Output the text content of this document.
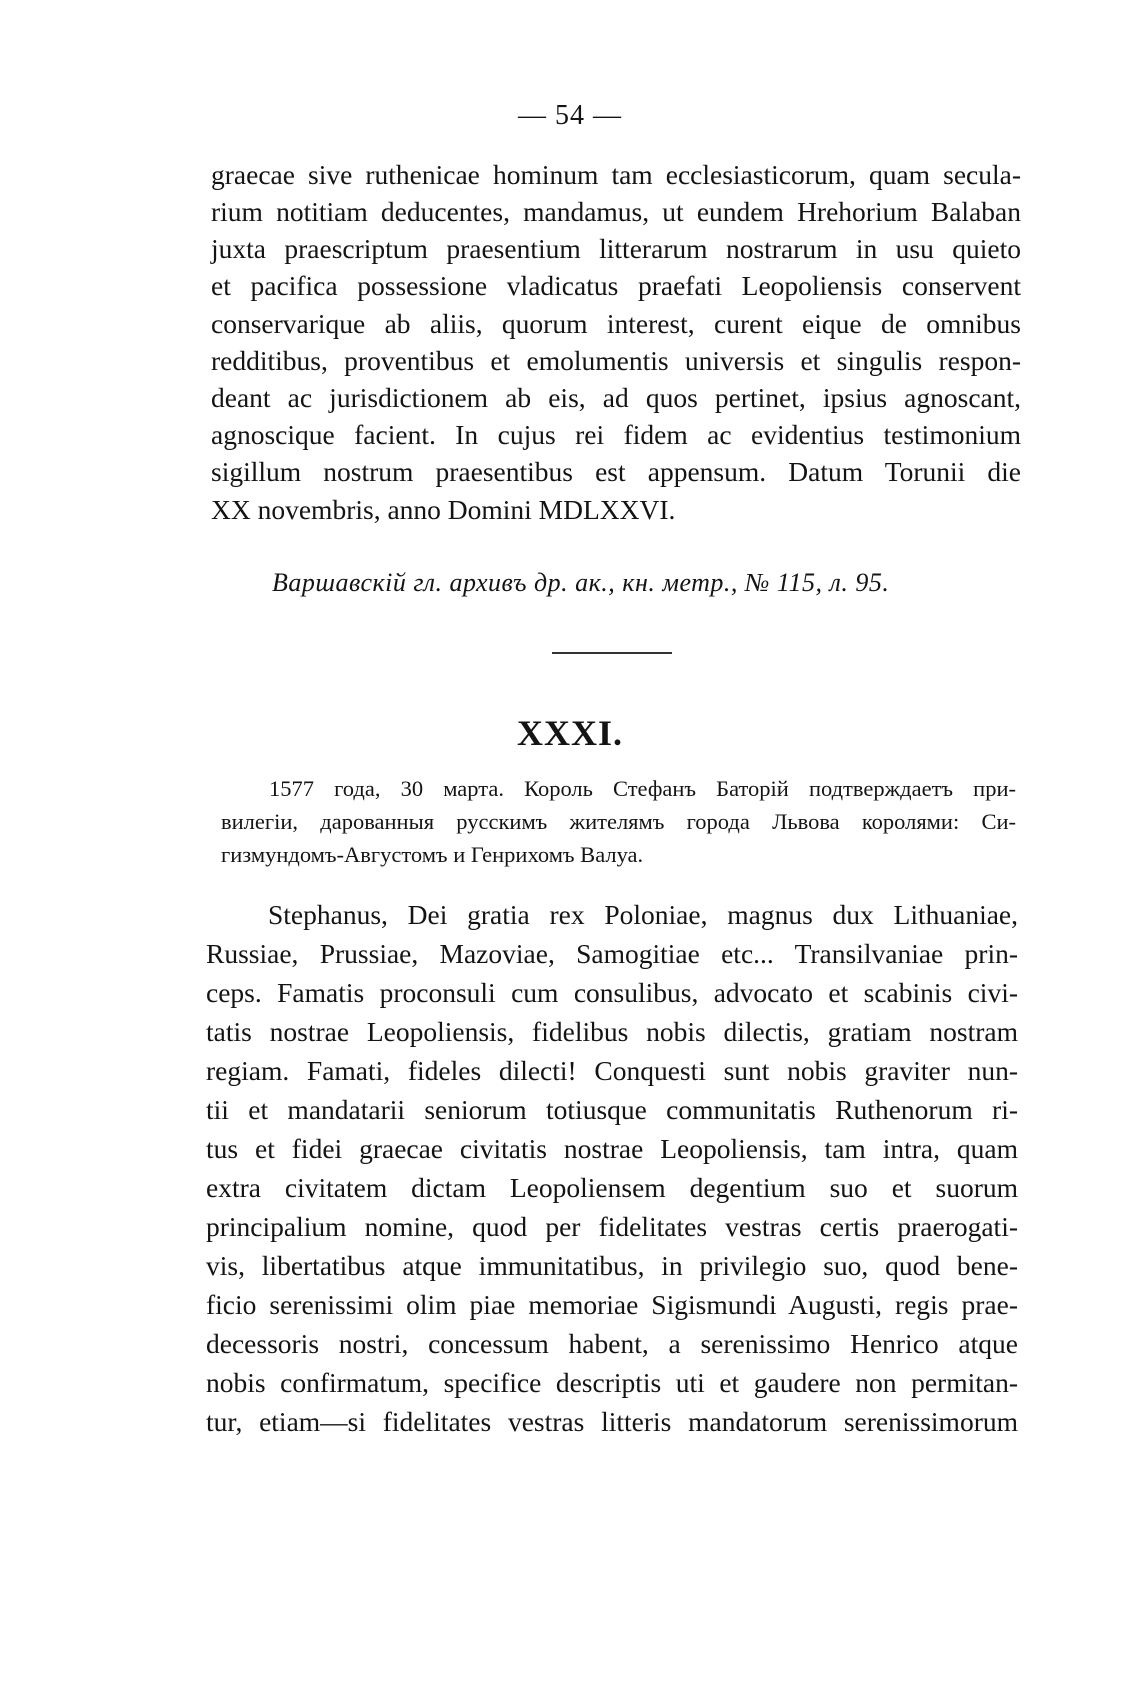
— 54 —
graecae sive ruthenicae hominum tam ecclesiasticorum, quam secula-
rium notitiam deducentes, mandamus, ut eundem Hrehorium Balaban
juxta praescriptum praesentium litterarum nostrarum in usu quieto
et pacifica possessione vladicatus praefati Leopoliensis conservent
conservarique ab aliis, quorum interest, curent eique de omnibus
redditibus, proventibus et emolumentis universis et singulis respon-
deant ac jurisdictionem ab eis, ad quos pertinet, ipsius agnoscant,
agnoscique facient. In cujus rei fidem ac evidentius testimonium
sigillum nostrum praesentibus est appensum. Datum Torunii die
XX novembris, anno Domini MDLXXVI.
Варшавскій гл. архивъ др. ак., кн. метр., № 115, л. 95.
XXXI.
1577 года, 30 марта. Король Стефанъ Баторій подтверждаетъ при-
вилегіи, дарованныя русскимъ жителямъ города Львова королями: Си-
гизмундомъ-Августомъ и Генрихомъ Валуа.
Stephanus, Dei gratia rex Poloniae, magnus dux Lithuaniae,
Russiae, Prussiae, Mazoviae, Samogitiae etc... Transilvaniae prin-
ceps. Famatis proconsuli cum consulibus, advocato et scabinis civi-
tatis nostrae Leopoliensis, fidelibus nobis dilectis, gratiam nostram
regiam. Famati, fideles dilecti! Conquesti sunt nobis graviter nun-
tii et mandatarii seniorum totiusque communitatis Ruthenorum ri-
tus et fidei graecae civitatis nostrae Leopoliensis, tam intra, quam
extra civitatem dictam Leopoliensem degentium suo et suorum
principalium nomine, quod per fidelitates vestras certis praerogati-
vis, libertatibus atque immunitatibus, in privilegio suo, quod bene-
ficio serenissimi olim piae memoriae Sigismundi Augusti, regis prae-
decessoris nostri, concessum habent, a serenissimo Henrico atque
nobis confirmatum, specifice descriptis uti et gaudere non permitan-
tur, etiam—si fidelitates vestras litteris mandatorum serenissimorum
